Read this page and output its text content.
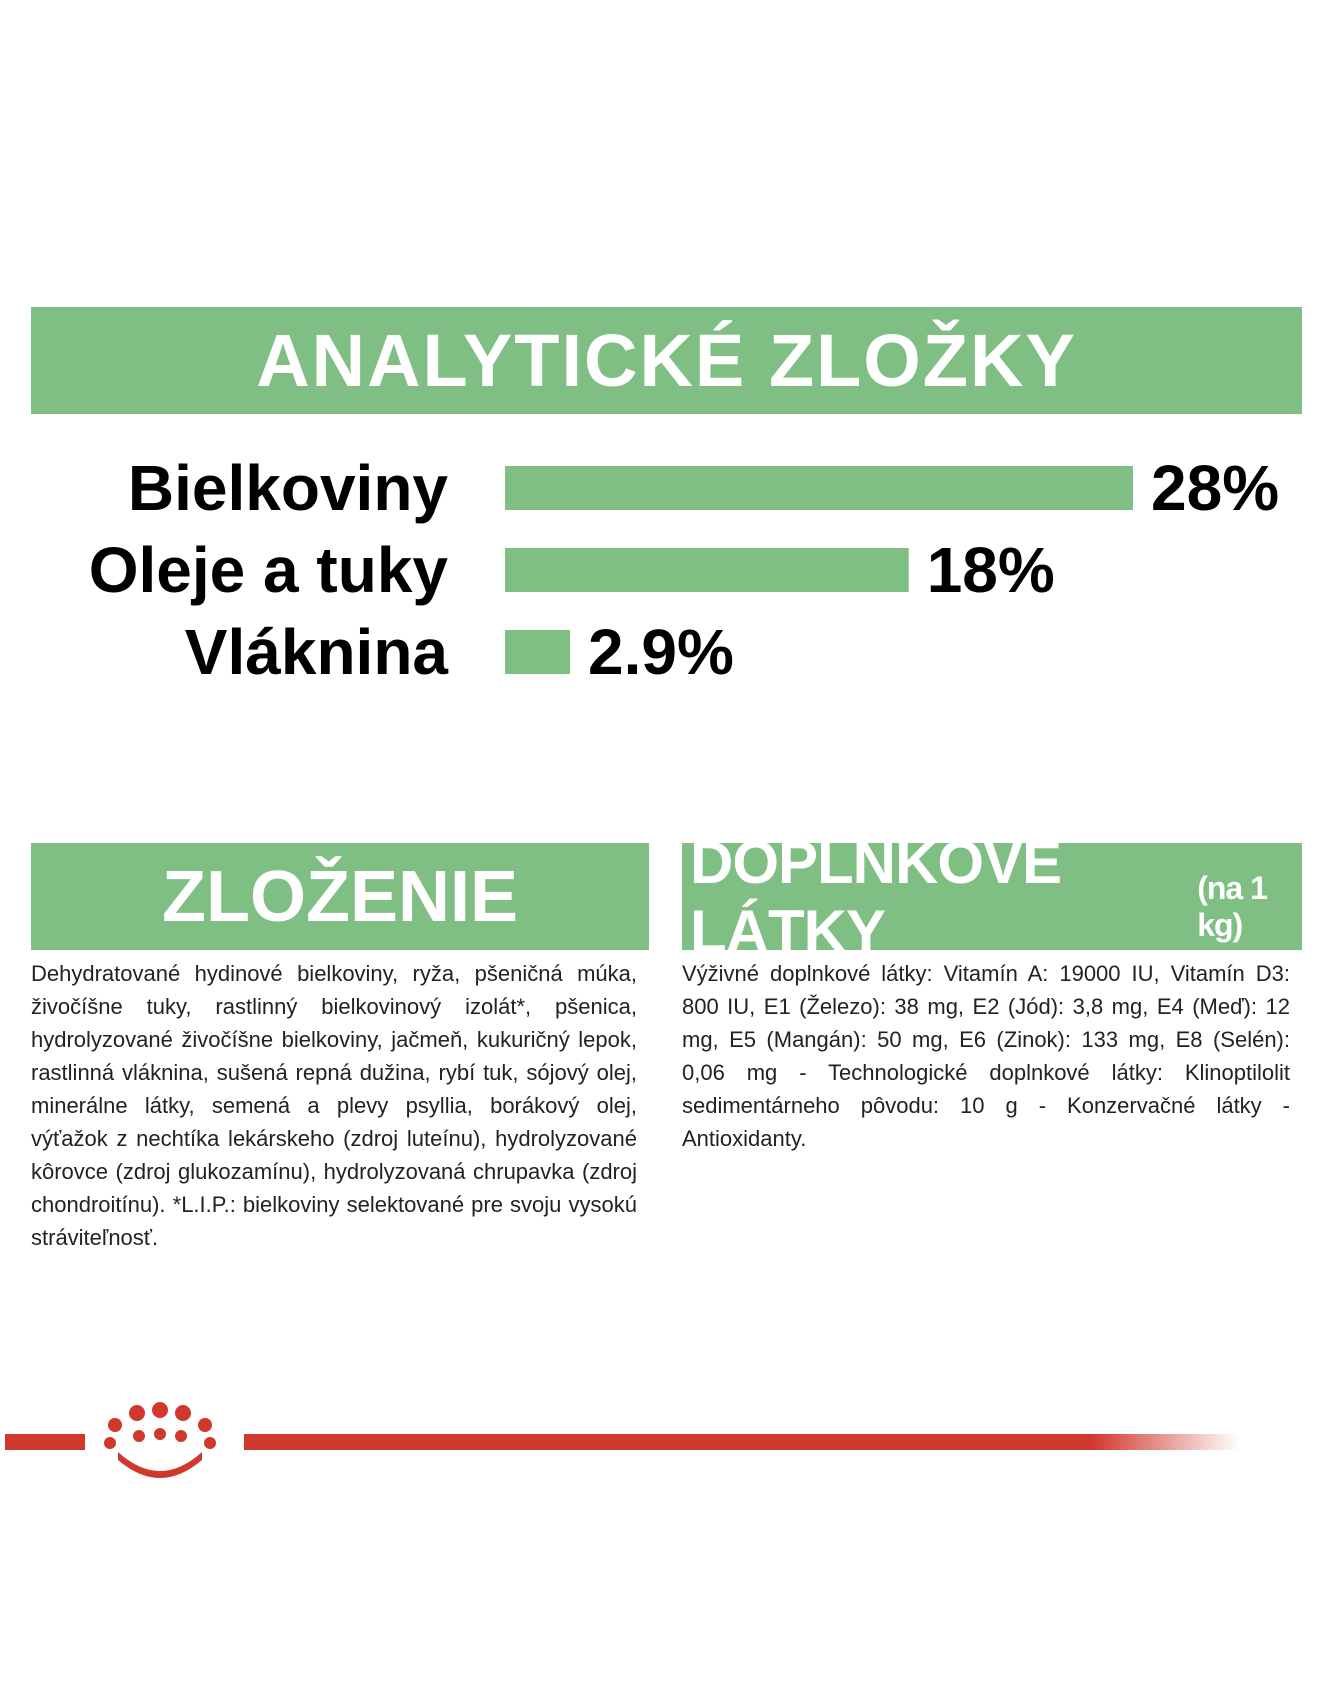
ANALYTICKÉ ZLOŽKY
Bielkoviny	28%
Oleje a tuky	18%
Vláknina 2.9%
ZLOŽENIE	DOPLNKOVÉ LÁTKY
(na 1 kg)
Dehydratované hydinové bielkoviny, ryža, pšeničná múka, živočíšne tuky, rastlinný bielkovinový izolát*, pšenica, hydrolyzované živočíšne bielkoviny, jačmeň, kukuričný lepok, rastlinná vláknina, sušená repná dužina, rybí tuk, sójový olej, minerálne látky, semená a plevy psyllia, borákový olej, výťažok z nechtíka lekárskeho (zdroj luteínu), hydrolyzované kôrovce (zdroj glukozamínu), hydrolyzovaná chrupavka (zdroj chondroitínu). *L.I.P.: bielkoviny selektované pre svoju vysokú stráviteľnosť.
Výživné doplnkové látky: Vitamín A: 19000 IU, Vitamín D3: 800 IU, E1 (Železo): 38 mg, E2 (Jód): 3,8 mg, E4 (Meď): 12 mg, E5 (Mangán): 50 mg, E6 (Zinok): 133 mg, E8 (Selén): 0,06 mg - Technologické doplnkové látky: Klinoptilolit sedimentárneho pôvodu: 10 g - Konzervačné látky - Antioxidanty.
